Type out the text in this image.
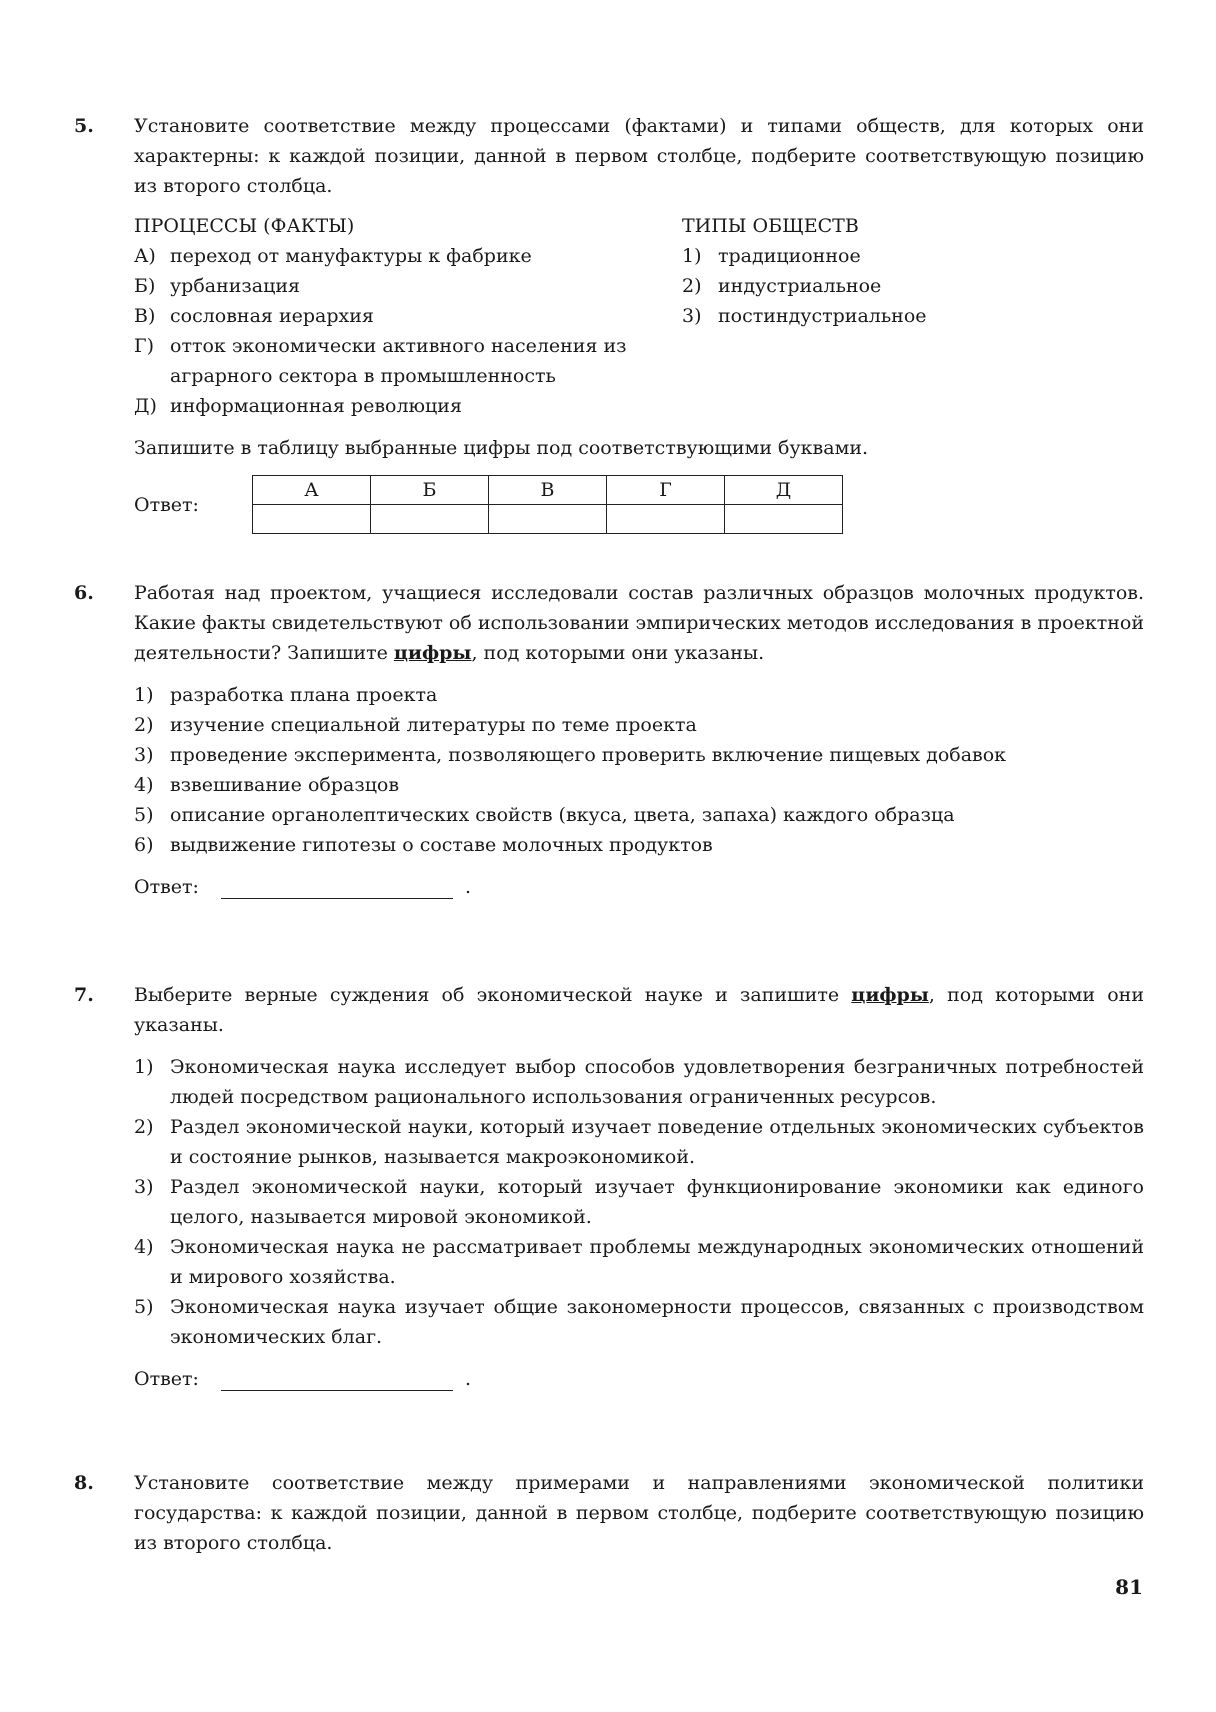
5. Установите соответствие между процессами (фактами) и типами обществ, для которых они характерны: к каждой позиции, данной в первом столбце, подберите соответствующую позицию из второго столбца.
ПРОЦЕССЫ (ФАКТЫ)
А) переход от мануфактуры к фабрике
Б) урбанизация
В) сословная иерархия
Г) отток экономически активного населения из аграрного сектора в промышленность
Д) информационная революция
ТИПЫ ОБЩЕСТВ
1) традиционное
2) индустриальное
3) постиндустриальное
Запишите в таблицу выбранные цифры под соответствующими буквами.
Ответ:
А	Б	В	Г	Д

6. Работая над проектом, учащиеся исследовали состав различных образцов молочных продуктов. Какие факты свидетельствуют об использовании эмпирических методов исследования в проектной деятельности? Запишите цифры, под которыми они указаны.
1) разработка плана проекта
2) изучение специальной литературы по теме проекта
3) проведение эксперимента, позволяющего проверить включение пищевых добавок
4) взвешивание образцов
5) описание органолептических свойств (вкуса, цвета, запаха) каждого образца
6) выдвижение гипотезы о составе молочных продуктов
Ответ:	.
7. Выберите верные суждения об экономической науке и запишите цифры, под которыми они указаны.
1) Экономическая наука исследует выбор способов удовлетворения безграничных потребностей людей посредством рационального использования ограниченных ресурсов.
2) Раздел экономической науки, который изучает поведение отдельных экономических субъектов и состояние рынков, называется макроэкономикой.
3) Раздел экономической науки, который изучает функционирование экономики как единого целого, называется мировой экономикой.
4) Экономическая наука не рассматривает проблемы международных экономических отношений и мирового хозяйства.
5) Экономическая наука изучает общие закономерности процессов, связанных с производством экономических благ.
Ответ:	.
8. Установите соответствие между примерами и направлениями экономической политики государства: к каждой позиции, данной в первом столбце, подберите соответствующую позицию из второго столбца.
81
